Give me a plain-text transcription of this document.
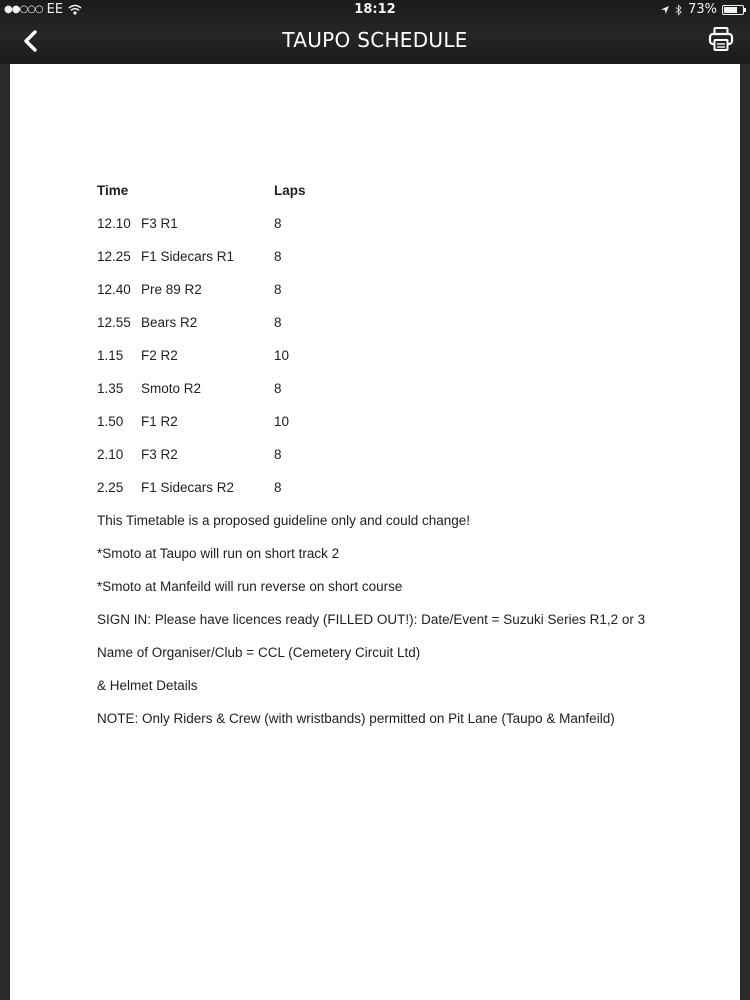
●●○○○ EE	18:12	73%
TAUPO SCHEDULE
Time	Laps
12.10 F3 R1	8
12.25 F1 Sidecars R1	8
12.40 Pre 89 R2	8
12.55 Bears R2	8
1.15 F2 R2	10
1.35 Smoto R2	8
1.50 F1 R2	10
2.10 F3 R2	8
2.25 F1 Sidecars R2	8
This Timetable is a proposed guideline only and could change!
*Smoto at Taupo will run on short track 2
*Smoto at Manfeild will run reverse on short course
SIGN IN: Please have licences ready (FILLED OUT!): Date/Event = Suzuki Series R1,2 or 3
Name of Organiser/Club = CCL (Cemetery Circuit Ltd)
& Helmet Details
NOTE: Only Riders & Crew (with wristbands) permitted on Pit Lane (Taupo & Manfeild)
